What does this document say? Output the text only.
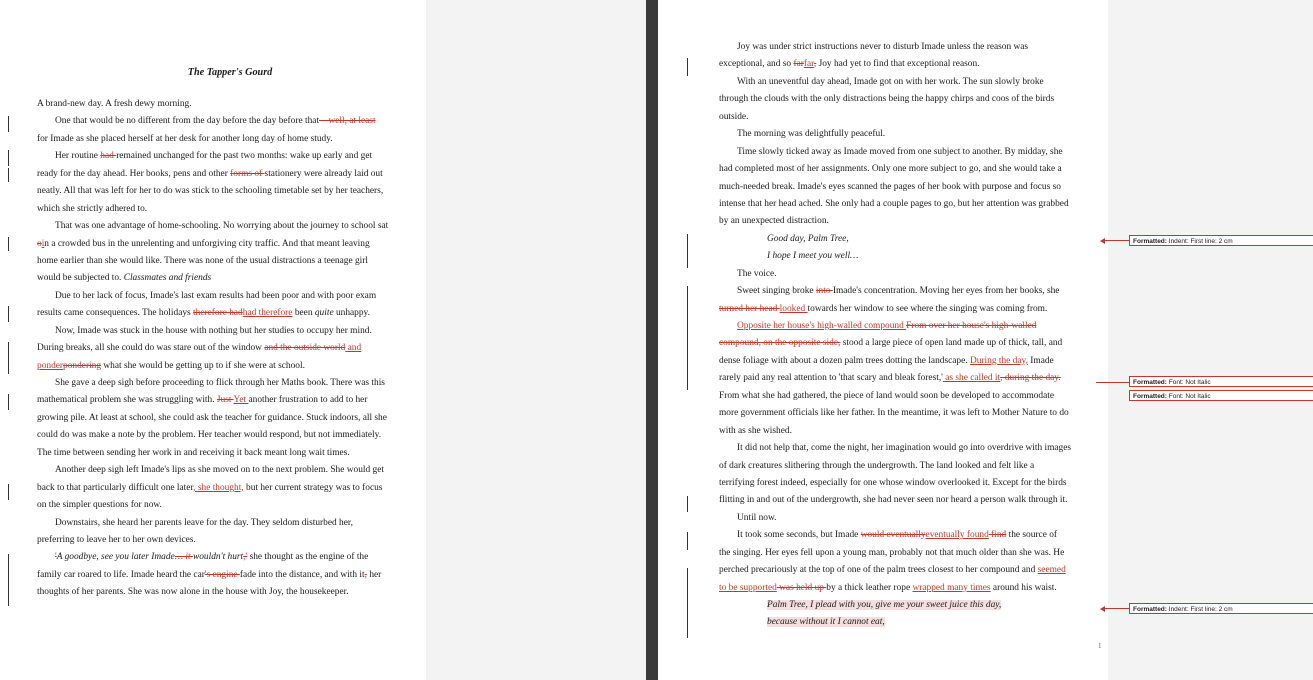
The Tapper's Gourd
A brand-new day. A fresh dewy morning.
One that would be no different from the day before the day before that—well, at least
for Imade as she placed herself at her desk for another long day of home study.
Her routine had remained unchanged for the past two months: wake up early and get
ready for the day ahead. Her books, pens and other forms of stationery were already laid out
neatly. All that was left for her to do was stick to the schooling timetable set by her teachers,
which she strictly adhered to.
That was one advantage of home-schooling. No worrying about the journey to school sat
oin a crowded bus in the unrelenting and unforgiving city traffic. And that meant leaving
home earlier than she would like. There was none of the usual distractions a teenage girl
would be subjected to. Classmates and friends
Due to her lack of focus, Imade's last exam results had been poor and with poor exam
results came consequences. The holidays therefore hadhad therefore been quite unhappy.
Now, Imade was stuck in the house with nothing but her studies to occupy her mind.
During breaks, all she could do was stare out of the window and the outside world and
ponderpondering what she would be getting up to if she were at school.
She gave a deep sigh before proceeding to flick through her Maths book. There was this
mathematical problem she was struggling with. Just Yet another frustration to add to her
growing pile. At least at school, she could ask the teacher for guidance. Stuck indoors, all she
could do was make a note by the problem. Her teacher would respond, but not immediately.
The time between sending her work in and receiving it back meant long wait times.
Another deep sigh left Imade's lips as she moved on to the next problem. She would get
back to that particularly difficult one later, she thought, but her current strategy was to focus
on the simpler questions for now.
Downstairs, she heard her parents leave for the day. They seldom disturbed her,
preferring to leave her to her own devices.
'A goodbye, see you later Imade… it wouldn't hurt,' she thought as the engine of the
family car roared to life. Imade heard the car's engine fade into the distance, and with it, her
thoughts of her parents. She was now alone in the house with Joy, the housekeeper.
Joy was under strict instructions never to disturb Imade unless the reason was
exceptional, and so farfar, Joy had yet to find that exceptional reason.
With an uneventful day ahead, Imade got on with her work. The sun slowly broke
through the clouds with the only distractions being the happy chirps and coos of the birds
outside.
The morning was delightfully peaceful.
Time slowly ticked away as Imade moved from one subject to another. By midday, she
had completed most of her assignments. Only one more subject to go, and she would take a
much-needed break. Imade's eyes scanned the pages of her book with purpose and focus so
intense that her head ached. She only had a couple pages to go, but her attention was grabbed
by an unexpected distraction.
Good day, Palm Tree,
I hope I meet you well…
The voice.
Sweet singing broke into Imade's concentration. Moving her eyes from her books, she
turned her head looked towards her window to see where the singing was coming from.
Opposite her house's high-walled compound From over her house's high-walled
compound, on the opposite side, stood a large piece of open land made up of thick, tall, and
dense foliage with about a dozen palm trees dotting the landscape. During the day, Imade
rarely paid any real attention to 'that scary and bleak forest,' as she called it, during the day.
From what she had gathered, the piece of land would soon be developed to accommodate
more government officials like her father. In the meantime, it was left to Mother Nature to do
with as she wished.
It did not help that, come the night, her imagination would go into overdrive with images
of dark creatures slithering through the undergrowth. The land looked and felt like a
terrifying forest indeed, especially for one whose window overlooked it. Except for the birds
flitting in and out of the undergrowth, she had never seen nor heard a person walk through it.
Until now.
It took some seconds, but Imade would eventuallyeventually found find the source of
the singing. Her eyes fell upon a young man, probably not that much older than she was. He
perched precariously at the top of one of the palm trees closest to her compound and seemed
to be supported was held up by a thick leather rope wrapped many times around his waist.
Palm Tree, I plead with you, give me your sweet juice this day,
because without it I cannot eat,
1
Formatted: Indent: First line: 2 cm
Formatted: Font: Not Italic
Formatted: Font: Not Italic
Formatted: Indent: First line: 2 cm
